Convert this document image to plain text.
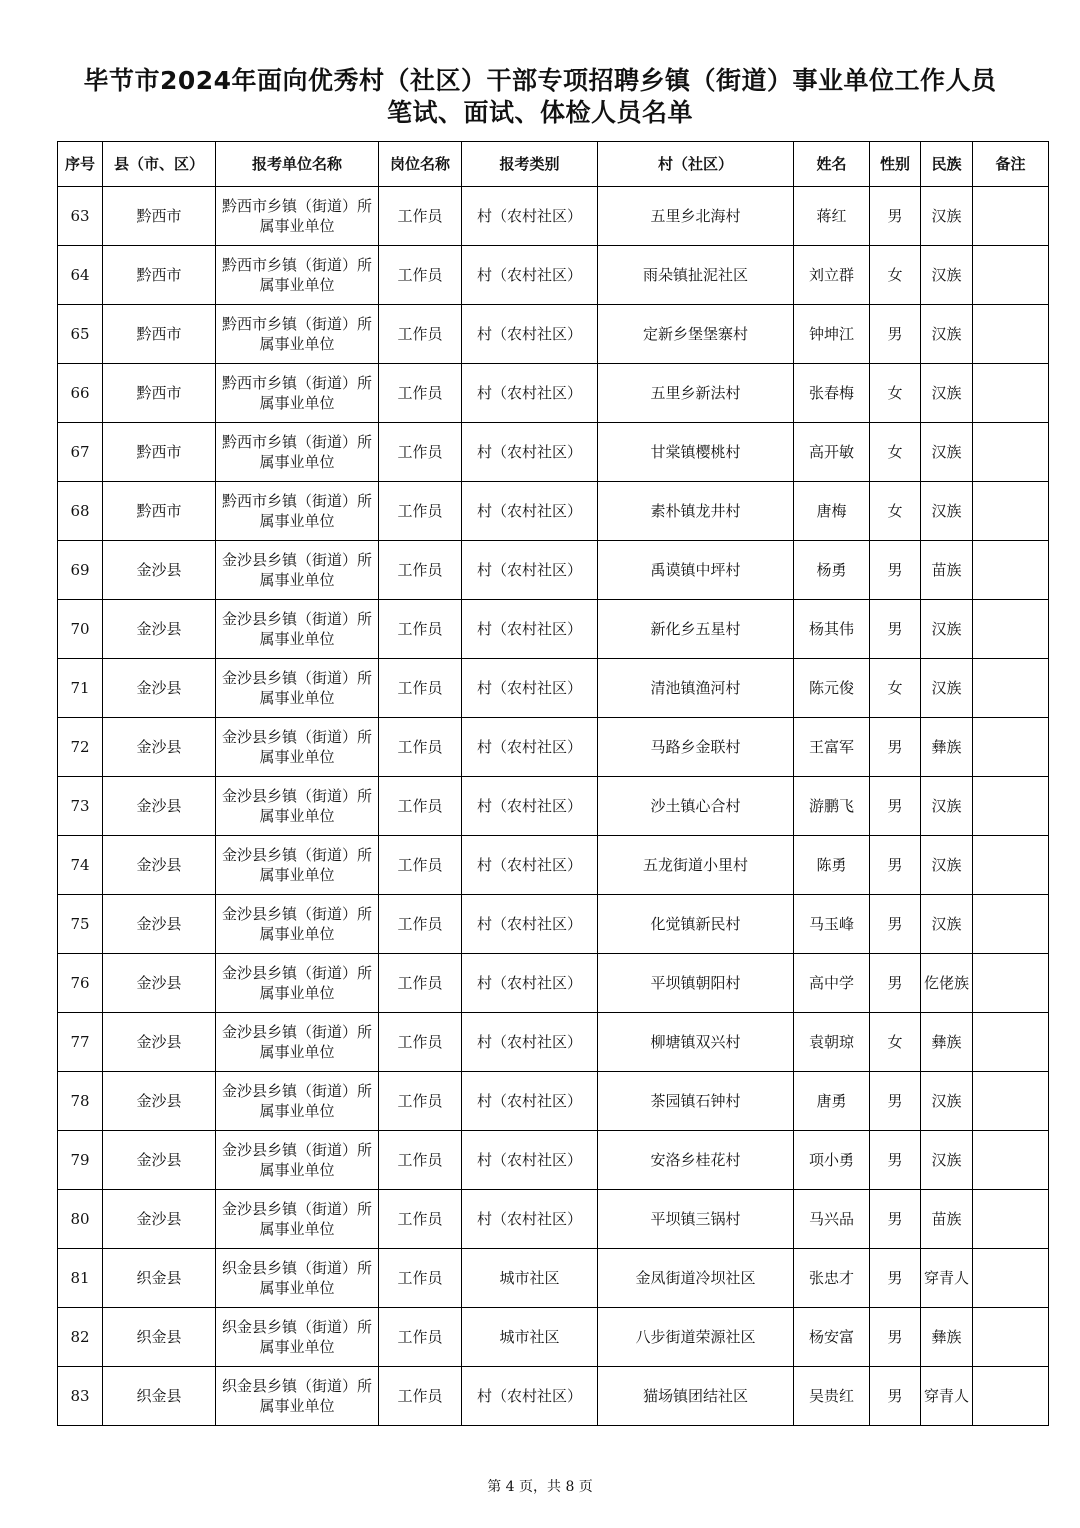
毕节市2024年面向优秀村（社区）干部专项招聘乡镇（街道）事业单位工作人员
笔试、面试、体检人员名单
序号	县（市、区）	报考单位名称	岗位名称	报考类别	村（社区）	姓名	性别	民族	备注
63	黔西市	黔西市乡镇（街道）所属事业单位	工作员	村（农村社区）	五里乡北海村	蒋红	男	汉族	
64	黔西市	黔西市乡镇（街道）所属事业单位	工作员	村（农村社区）	雨朵镇扯泥社区	刘立群	女	汉族	
65	黔西市	黔西市乡镇（街道）所属事业单位	工作员	村（农村社区）	定新乡堡堡寨村	钟坤江	男	汉族	
66	黔西市	黔西市乡镇（街道）所属事业单位	工作员	村（农村社区）	五里乡新法村	张春梅	女	汉族	
67	黔西市	黔西市乡镇（街道）所属事业单位	工作员	村（农村社区）	甘棠镇樱桃村	高开敏	女	汉族	
68	黔西市	黔西市乡镇（街道）所属事业单位	工作员	村（农村社区）	素朴镇龙井村	唐梅	女	汉族	
69	金沙县	金沙县乡镇（街道）所属事业单位	工作员	村（农村社区）	禹谟镇中坪村	杨勇	男	苗族	
70	金沙县	金沙县乡镇（街道）所属事业单位	工作员	村（农村社区）	新化乡五星村	杨其伟	男	汉族	
71	金沙县	金沙县乡镇（街道）所属事业单位	工作员	村（农村社区）	清池镇渔河村	陈元俊	女	汉族	
72	金沙县	金沙县乡镇（街道）所属事业单位	工作员	村（农村社区）	马路乡金联村	王富军	男	彝族	
73	金沙县	金沙县乡镇（街道）所属事业单位	工作员	村（农村社区）	沙土镇心合村	游鹏飞	男	汉族	
74	金沙县	金沙县乡镇（街道）所属事业单位	工作员	村（农村社区）	五龙街道小里村	陈勇	男	汉族	
75	金沙县	金沙县乡镇（街道）所属事业单位	工作员	村（农村社区）	化觉镇新民村	马玉峰	男	汉族	
76	金沙县	金沙县乡镇（街道）所属事业单位	工作员	村（农村社区）	平坝镇朝阳村	高中学	男	仡佬族	
77	金沙县	金沙县乡镇（街道）所属事业单位	工作员	村（农村社区）	柳塘镇双兴村	袁朝琼	女	彝族	
78	金沙县	金沙县乡镇（街道）所属事业单位	工作员	村（农村社区）	茶园镇石钟村	唐勇	男	汉族	
79	金沙县	金沙县乡镇（街道）所属事业单位	工作员	村（农村社区）	安洛乡桂花村	项小勇	男	汉族	
80	金沙县	金沙县乡镇（街道）所属事业单位	工作员	村（农村社区）	平坝镇三锅村	马兴品	男	苗族	
81	织金县	织金县乡镇（街道）所属事业单位	工作员	城市社区	金凤街道冷坝社区	张忠才	男	穿青人	
82	织金县	织金县乡镇（街道）所属事业单位	工作员	城市社区	八步街道荣源社区	杨安富	男	彝族	
83	织金县	织金县乡镇（街道）所属事业单位	工作员	村（农村社区）	猫场镇团结社区	吴贵红	男	穿青人	
第 4 页，共 8 页
